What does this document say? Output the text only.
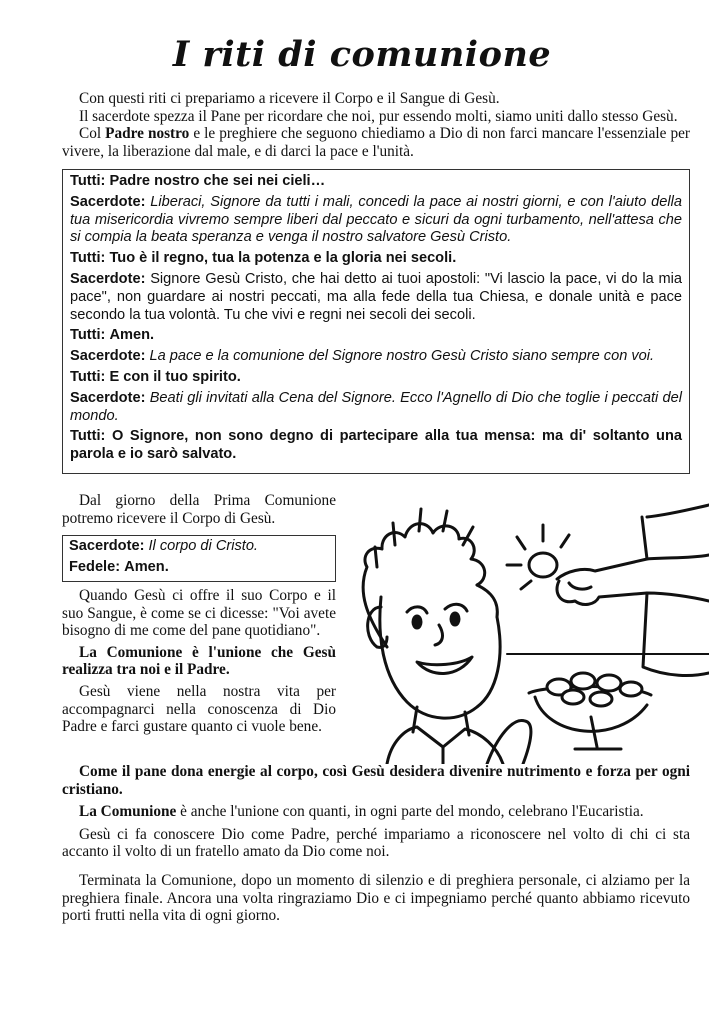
I riti di comunione

Con questi riti ci prepariamo a ricevere il Corpo e il Sangue di Gesù.

Il sacerdote spezza il Pane per ricordare che noi, pur essendo molti, siamo uniti dallo stesso Gesù.

Col Padre nostro e le preghiere che seguono chiediamo a Dio di non farci mancare l'essenziale per vivere, la liberazione dal male, e di darci la pace e l'unità.

Tutti: Padre nostro che sei nei cieli…

Sacerdote: Liberaci, Signore da tutti i mali, concedi la pace ai nostri giorni, e con l'aiuto della tua misericordia vivremo sempre liberi dal peccato e sicuri da ogni turbamento, nell'attesa che si compia la beata speranza e venga il nostro salvatore Gesù Cristo.

Tutti: Tuo è il regno, tua la potenza e la gloria nei secoli.

Sacerdote: Signore Gesù Cristo, che hai detto ai tuoi apostoli: "Vi lascio la pace, vi do la mia pace", non guardare ai nostri peccati, ma alla fede della tua Chiesa, e donale unità e pace secondo la tua volontà. Tu che vivi e regni nei secoli dei secoli.

Tutti: Amen.

Sacerdote: La pace e la comunione del Signore nostro Gesù Cristo siano sempre con voi.

Tutti: E con il tuo spirito.

Sacerdote: Beati gli invitati alla Cena del Signore. Ecco l'Agnello di Dio che toglie i peccati del mondo.

Tutti: O Signore, non sono degno di partecipare alla tua mensa: ma di' soltanto una parola e io sarò salvato.

Dal giorno della Prima Comunione potremo ricevere il Corpo di Gesù.

Sacerdote: Il corpo di Cristo.

Fedele: Amen.

Quando Gesù ci offre il suo Corpo e il suo Sangue, è come se ci dicesse: "Voi avete bisogno di me come del pane quotidiano".

La Comunione è l'unione che Gesù realizza tra noi e il Padre.

Gesù viene nella nostra vita per accompagnarci nella conoscenza di Dio Padre e farci gustare quanto ci vuole bene.

Come il pane dona energie al corpo, così Gesù desidera divenire nutrimento e forza per ogni cristiano.

La Comunione è anche l'unione con quanti, in ogni parte del mondo, celebrano l'Eucaristia.

Gesù ci fa conoscere Dio come Padre, perché impariamo a riconoscere nel volto di chi ci sta accanto il volto di un fratello amato da Dio come noi.

Terminata la Comunione, dopo un momento di silenzio e di preghiera personale, ci alziamo per la preghiera finale. Ancora una volta ringraziamo Dio e ci impegniamo perché quanto abbiamo ricevuto porti frutti nella vita di ogni giorno.
